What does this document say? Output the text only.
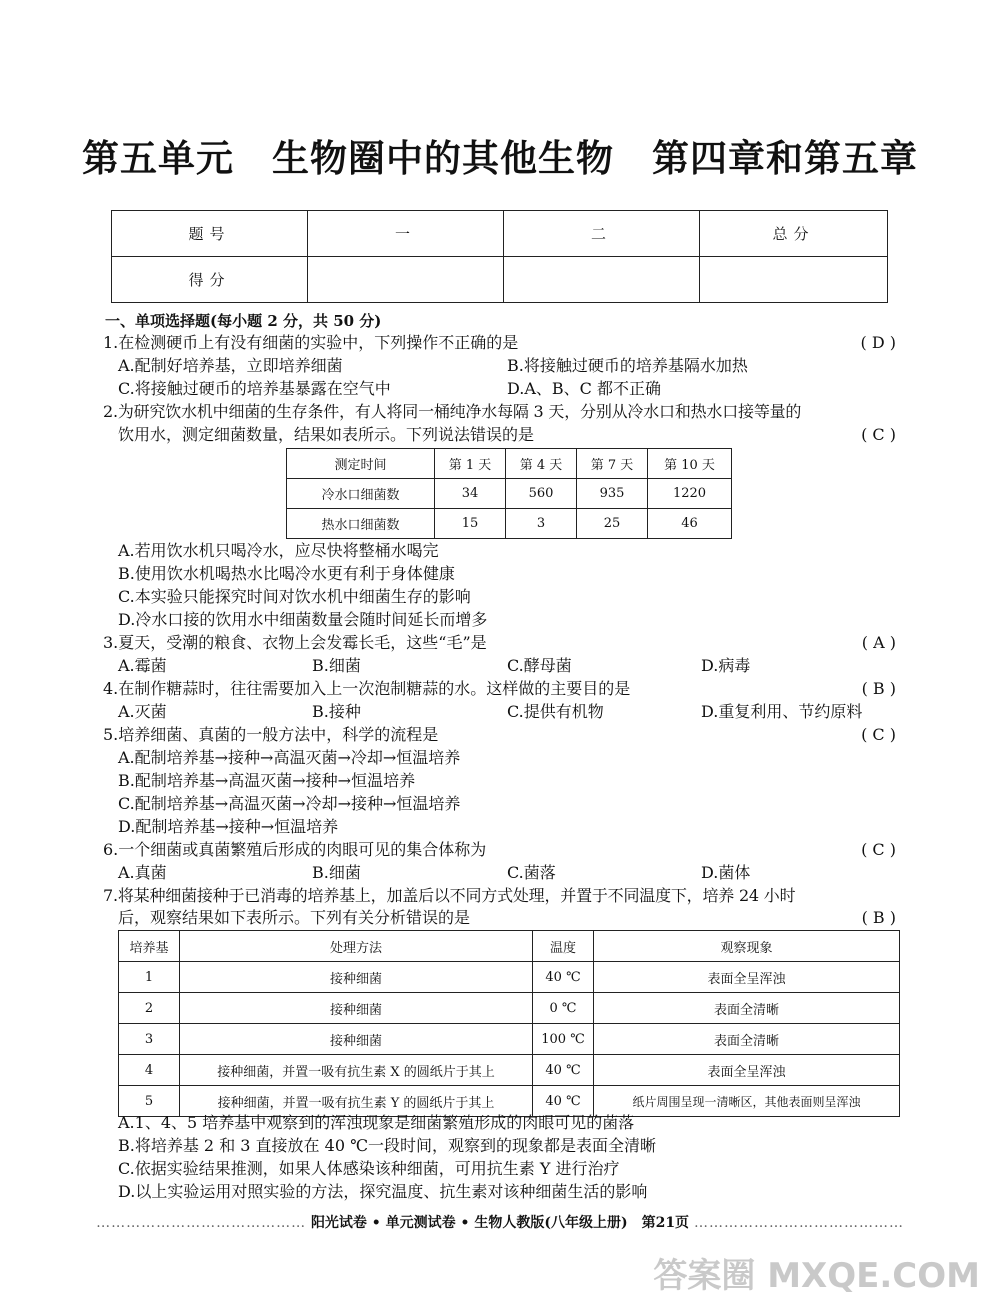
第五单元　生物圈中的其他生物　第四章和第五章
题号	一	二	总分
得分			
一、单项选择题(每小题 2 分，共 50 分)
1.在检测硬币上有没有细菌的实验中，下列操作不正确的是	( D )
A.配制好培养基，立即培养细菌	B.将接触过硬币的培养基隔水加热
C.将接触过硬币的培养基暴露在空气中	D.A、B、C 都不正确
2.为研究饮水机中细菌的生存条件，有人将同一桶纯净水每隔 3 天，分别从冷水口和热水口接等量的
饮用水，测定细菌数量，结果如表所示。下列说法错误的是	( C )
测定时间	第 1 天	第 4 天	第 7 天	第 10 天
冷水口细菌数	34	560	935	1220
热水口细菌数	15	3	25	46
A.若用饮水机只喝冷水，应尽快将整桶水喝完
B.使用饮水机喝热水比喝冷水更有利于身体健康
C.本实验只能探究时间对饮水机中细菌生存的影响
D.冷水口接的饮用水中细菌数量会随时间延长而增多
3.夏天，受潮的粮食、衣物上会发霉长毛，这些“毛”是	( A )
A.霉菌	B.细菌	C.酵母菌	D.病毒
4.在制作糖蒜时，往往需要加入上一次泡制糖蒜的水。这样做的主要目的是	( B )
A.灭菌	B.接种	C.提供有机物	D.重复利用、节约原料
5.培养细菌、真菌的一般方法中，科学的流程是	( C )
A.配制培养基→接种→高温灭菌→冷却→恒温培养
B.配制培养基→高温灭菌→接种→恒温培养
C.配制培养基→高温灭菌→冷却→接种→恒温培养
D.配制培养基→接种→恒温培养
6.一个细菌或真菌繁殖后形成的肉眼可见的集合体称为	( C )
A.真菌	B.细菌	C.菌落	D.菌体
7.将某种细菌接种于已消毒的培养基上，加盖后以不同方式处理，并置于不同温度下，培养 24 小时
后，观察结果如下表所示。下列有关分析错误的是	( B )
培养基	处理方法	温度	观察现象
1	接种细菌	40 ℃	表面全呈浑浊
2	接种细菌	0 ℃	表面全清晰
3	接种细菌	100 ℃	表面全清晰
4	接种细菌，并置一吸有抗生素 X 的圆纸片于其上	40 ℃	表面全呈浑浊
5	接种细菌，并置一吸有抗生素 Y 的圆纸片于其上	40 ℃	纸片周围呈现一清晰区，其他表面则呈浑浊
A.1、4、5 培养基中观察到的浑浊现象是细菌繁殖形成的肉眼可见的菌落
B.将培养基 2 和 3 直接放在 40 ℃一段时间，观察到的现象都是表面全清晰
C.依据实验结果推测，如果人体感染该种细菌，可用抗生素 Y 进行治疗
D.以上实验运用对照实验的方法，探究温度、抗生素对该种细菌生活的影响
…………………………………… 阳光试卷 • 单元测试卷 • 生物人教版(八年级上册)　第21页 ……………………………………
答案圈 MXQE.COM
